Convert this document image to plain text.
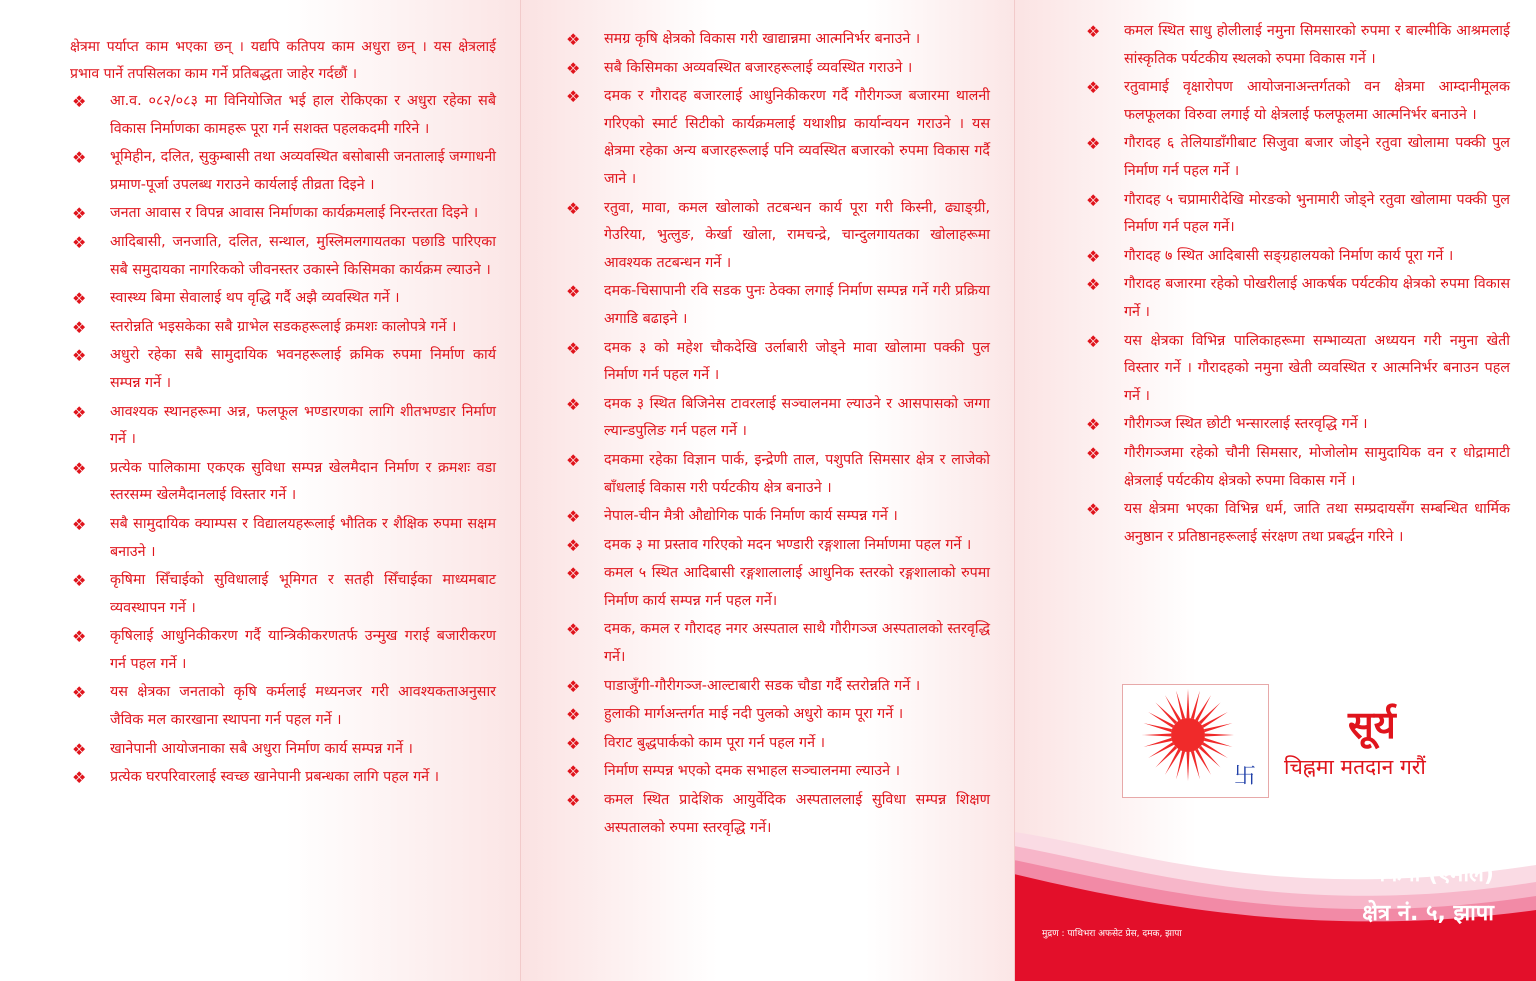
क्षेत्रमा पर्याप्त काम भएका छन् । यद्यपि कतिपय काम अधुरा छन् । यस क्षेत्रलाई प्रभाव पार्ने तपसिलका काम गर्ने प्रतिबद्धता जाहेर गर्दछौं ।
❖ आ.व. ०८२/०८३ मा विनियोजित भई हाल रोकिएका र अधुरा रहेका सबै विकास निर्माणका कामहरू पूरा गर्न सशक्त पहलकदमी गरिने ।
❖ भूमिहीन, दलित, सुकुम्बासी तथा अव्यवस्थित बसोबासी जनतालाई जग्गाधनी प्रमाण-पूर्जा उपलब्ध गराउने कार्यलाई तीव्रता दिइने ।
❖ जनता आवास र विपन्न आवास निर्माणका कार्यक्रमलाई निरन्तरता दिइने ।
❖ आदिबासी, जनजाति, दलित, सन्थाल, मुस्लिमलगायतका पछाडि पारिएका सबै समुदायका नागरिकको जीवनस्तर उकास्ने किसिमका कार्यक्रम ल्याउने ।
❖ स्वास्थ्य बिमा सेवालाई थप वृद्धि गर्दै अझै व्यवस्थित गर्ने ।
❖ स्तरोन्नति भइसकेका सबै ग्राभेल सडकहरूलाई क्रमशः कालोपत्रे गर्ने ।
❖ अधुरो रहेका सबै सामुदायिक भवनहरूलाई क्रमिक रुपमा निर्माण कार्य सम्पन्न गर्ने ।
❖ आवश्यक स्थानहरूमा अन्न, फलफूल भण्डारणका लागि शीतभण्डार निर्माण गर्ने ।
❖ प्रत्येक पालिकामा एकएक सुविधा सम्पन्न खेलमैदान निर्माण र क्रमशः वडा स्तरसम्म खेलमैदानलाई विस्तार गर्ने ।
❖ सबै सामुदायिक क्याम्पस र विद्यालयहरूलाई भौतिक र शैक्षिक रुपमा सक्षम बनाउने ।
❖ कृषिमा सिँचाईको सुविधालाई भूमिगत र सतही सिँचाईका माध्यमबाट व्यवस्थापन गर्ने ।
❖ कृषिलाई आधुनिकीकरण गर्दै यान्त्रिकीकरणतर्फ उन्मुख गराई बजारीकरण गर्न पहल गर्ने ।
❖ यस क्षेत्रका जनताको कृषि कर्मलाई मध्यनजर गरी आवश्यकताअनुसार जैविक मल कारखाना स्थापना गर्न पहल गर्ने ।
❖ खानेपानी आयोजनाका सबै अधुरा निर्माण कार्य सम्पन्न गर्ने ।
❖ प्रत्येक घरपरिवारलाई स्वच्छ खानेपानी प्रबन्धका लागि पहल गर्ने ।
❖ समग्र कृषि क्षेत्रको विकास गरी खाद्यान्नमा आत्मनिर्भर बनाउने ।
❖ सबै किसिमका अव्यवस्थित बजारहरूलाई व्यवस्थित गराउने ।
❖ दमक र गौरादह बजारलाई आधुनिकीकरण गर्दै गौरीगञ्ज बजारमा थालनी गरिएको स्मार्ट सिटीको कार्यक्रमलाई यथाशीघ्र कार्यान्वयन गराउने । यस क्षेत्रमा रहेका अन्य बजारहरूलाई पनि व्यवस्थित बजारको रुपमा विकास गर्दै जाने ।
❖ रतुवा, मावा, कमल खोलाको तटबन्धन कार्य पूरा गरी किस्नी, ढ्याङ्ग्री, गेउरिया, भुत्लुङ, केर्खा खोला, रामचन्द्रे, चान्दुलगायतका खोलाहरूमा आवश्यक तटबन्धन गर्ने ।
❖ दमक-चिसापानी रवि सडक पुनः ठेक्का लगाई निर्माण सम्पन्न गर्ने गरी प्रक्रिया अगाडि बढाइने ।
❖ दमक ३ को महेश चौकदेखि उर्लाबारी जोड्ने मावा खोलामा पक्की पुल निर्माण गर्न पहल गर्ने ।
❖ दमक ३ स्थित बिजिनेस टावरलाई सञ्चालनमा ल्याउने र आसपासको जग्गा ल्यान्डपुलिङ गर्न पहल गर्ने ।
❖ दमकमा रहेका विज्ञान पार्क, इन्द्रेणी ताल, पशुपति सिमसार क्षेत्र र लाजेको बाँधलाई विकास गरी पर्यटकीय क्षेत्र बनाउने ।
❖ नेपाल-चीन मैत्री औद्योगिक पार्क निर्माण कार्य सम्पन्न गर्ने ।
❖ दमक ३ मा प्रस्ताव गरिएको मदन भण्डारी रङ्गशाला निर्माणमा पहल गर्ने ।
❖ कमल ५ स्थित आदिबासी रङ्गशालालाई आधुनिक स्तरको रङ्गशालाको रुपमा निर्माण कार्य सम्पन्न गर्न पहल गर्ने।
❖ दमक, कमल र गौरादह नगर अस्पताल साथै गौरीगञ्ज अस्पतालको स्तरवृद्धि गर्ने।
❖ पाडाजुँगी-गौरीगञ्ज-आल्टाबारी सडक चौडा गर्दै स्तरोन्नति गर्ने ।
❖ हुलाकी मार्गअन्तर्गत माई नदी पुलको अधुरो काम पूरा गर्ने ।
❖ विराट बुद्धपार्कको काम पूरा गर्न पहल गर्ने ।
❖ निर्माण सम्पन्न भएको दमक सभाहल सञ्चालनमा ल्याउने ।
❖ कमल स्थित प्रादेशिक आयुर्वेदिक अस्पताललाई सुविधा सम्पन्न शिक्षण अस्पतालको रुपमा स्तरवृद्धि गर्ने।
❖ कमल स्थित साधु होलीलाई नमुना सिमसारको रुपमा र बाल्मीकि आश्रमलाई सांस्कृतिक पर्यटकीय स्थलको रुपमा विकास गर्ने ।
❖ रतुवामाई वृक्षारोपण आयोजनाअन्तर्गतको वन क्षेत्रमा आम्दानीमूलक फलफूलका विरुवा लगाई यो क्षेत्रलाई फलफूलमा आत्मनिर्भर बनाउने ।
❖ गौरादह ६ तेलियाडाँगीबाट सिजुवा बजार जोड्ने रतुवा खोलामा पक्की पुल निर्माण गर्न पहल गर्ने ।
❖ गौरादह ५ चप्रामारीदेखि मोरङको भुनामारी जोड्ने रतुवा खोलामा पक्की पुल निर्माण गर्न पहल गर्ने।
❖ गौरादह ७ स्थित आदिबासी सङ्ग्रहालयको निर्माण कार्य पूरा गर्ने ।
❖ गौरादह बजारमा रहेको पोखरीलाई आकर्षक पर्यटकीय क्षेत्रको रुपमा विकास गर्ने ।
❖ यस क्षेत्रका विभिन्न पालिकाहरूमा सम्भाव्यता अध्ययन गरी नमुना खेती विस्तार गर्ने । गौरादहको नमुना खेती व्यवस्थित र आत्मनिर्भर बनाउन पहल गर्ने ।
❖ गौरीगञ्ज स्थित छोटी भन्सारलाई स्तरवृद्धि गर्ने ।
❖ गौरीगञ्जमा रहेको चौनी सिमसार, मोजोलोम सामुदायिक वन र धोद्रामाटी क्षेत्रलाई पर्यटकीय क्षेत्रको रुपमा विकास गर्ने ।
❖ यस क्षेत्रमा भएका विभिन्न धर्म, जाति तथा सम्प्रदायसँग सम्बन्धित धार्मिक अनुष्ठान र प्रतिष्ठानहरूलाई संरक्षण तथा प्रबर्द्धन गरिने ।
卐
सूर्य
चिह्नमा मतदान गरौं
नेकपा (एमाले)
क्षेत्र नं. ५, झापा
मुद्रण : पाथिभरा अफसेट प्रेस, दमक, झापा
